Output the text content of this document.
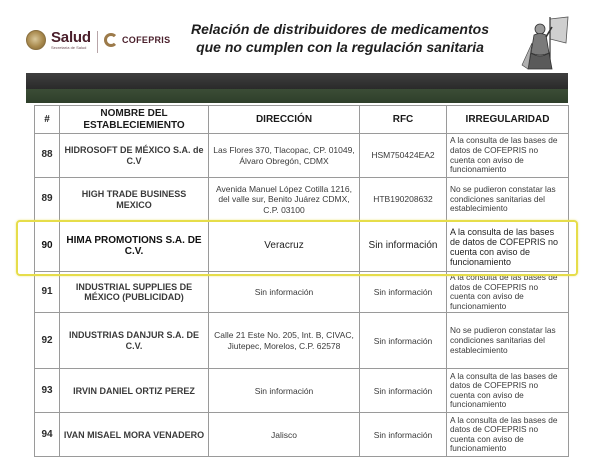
Salud
Secretaría de Salud
COFEPRIS
Relación de distribuidores de medicamentos
que no cumplen con la regulación sanitaria
#	NOMBRE DEL ESTABLECIEMIENTO	DIRECCIÓN	RFC	IRREGULARIDAD
88	HIDROSOFT DE MÉXICO S.A. de C.V	Las Flores 370, Tlacopac, CP. 01049, Álvaro Obregón, CDMX	HSM750424EA2	A la consulta de las bases de datos de COFEPRIS no cuenta con aviso de funcionamiento
89	HIGH TRADE BUSINESS MEXICO	Avenida Manuel López Cotilla 1216, del valle sur, Benito Juárez CDMX, C.P. 03100	HTB190208632	No se pudieron constatar las condiciones sanitarias del establecimiento
90	HIMA PROMOTIONS S.A. DE C.V.	Veracruz	Sin información	A la consulta de las bases de datos de COFEPRIS no cuenta con aviso de funcionamiento
91	INDUSTRIAL SUPPLIES DE MÉXICO (PUBLICIDAD)	Sin información	Sin información	A la consulta de las bases de datos de COFEPRIS no cuenta con aviso de funcionamiento
92	INDUSTRIAS DANJUR S.A. DE C.V.	Calle 21 Este No. 205, Int. B, CIVAC, Jiutepec, Morelos, C.P. 62578	Sin información	No se pudieron constatar las condiciones sanitarias del establecimiento
93	IRVIN DANIEL ORTIZ PEREZ	Sin información	Sin información	A la consulta de las bases de datos de COFEPRIS no cuenta con aviso de funcionamiento
94	IVAN MISAEL MORA VENADERO	Jalisco	Sin información	A la consulta de las bases de datos de COFEPRIS no cuenta con aviso de funcionamiento
